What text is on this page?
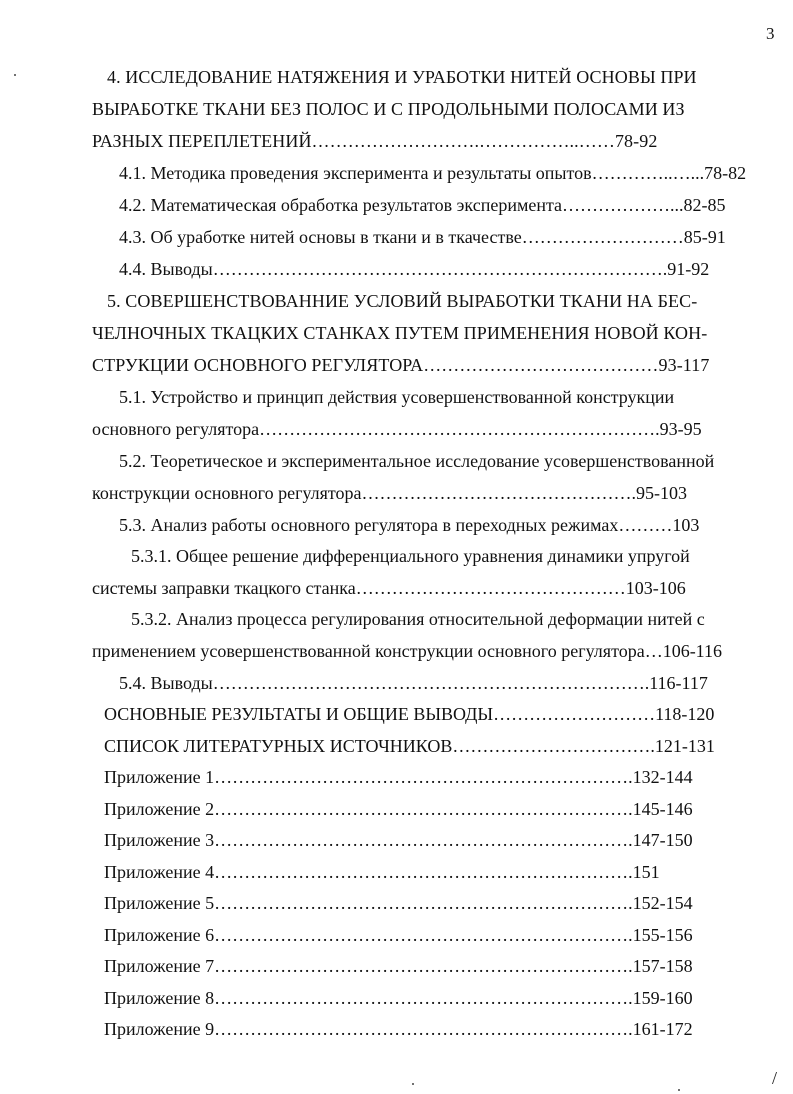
3
4. ИССЛЕДОВАНИЕ НАТЯЖЕНИЯ И УРАБОТКИ НИТЕЙ ОСНОВЫ ПРИ
ВЫРАБОТКЕ ТКАНИ БЕЗ ПОЛОС И С ПРОДОЛЬНЫМИ ПОЛОСАМИ ИЗ
РАЗНЫХ ПЕРЕПЛЕТЕНИЙ……………………….……………..……78-92
4.1. Методика проведения эксперимента и результаты опытов…………..…...78-82
4.2. Математическая обработка результатов эксперимента………………...82-85
4.3. Об уработке нитей основы в ткани и в ткачестве………………………85-91
4.4. Выводы………………………………………………………………….91-92
5. СОВЕРШЕНСТВОВАННИЕ УСЛОВИЙ ВЫРАБОТКИ ТКАНИ НА БЕС-
ЧЕЛНОЧНЫХ ТКАЦКИХ СТАНКАХ ПУТЕМ ПРИМЕНЕНИЯ НОВОЙ КОН-
СТРУКЦИИ ОСНОВНОГО РЕГУЛЯТОРА…………………………………93-117
5.1. Устройство и принцип действия усовершенствованной конструкции
основного регулятора………………………………………………………….93-95
5.2. Теоретическое и экспериментальное исследование усовершенствованной
конструкции основного регулятора……………………………………….95-103
5.3. Анализ работы основного регулятора в переходных режимах………103
5.3.1. Общее решение дифференциального уравнения динамики упругой
системы заправки ткацкого станка………………………………………103-106
5.3.2. Анализ процесса регулирования относительной деформации нитей с
применением усовершенствованной конструкции основного регулятора…106-116
5.4. Выводы……………………………………………………………….116-117
ОСНОВНЫЕ РЕЗУЛЬТАТЫ И ОБЩИЕ ВЫВОДЫ………………………118-120
СПИСОК ЛИТЕРАТУРНЫХ ИСТОЧНИКОВ…………………………….121-131
Приложение 1…………………………………………………………….132-144
Приложение 2…………………………………………………………….145-146
Приложение 3…………………………………………………………….147-150
Приложение 4…………………………………………………………….151
Приложение 5…………………………………………………………….152-154
Приложение 6…………………………………………………………….155-156
Приложение 7…………………………………………………………….157-158
Приложение 8…………………………………………………………….159-160
Приложение 9…………………………………………………………….161-172
/
